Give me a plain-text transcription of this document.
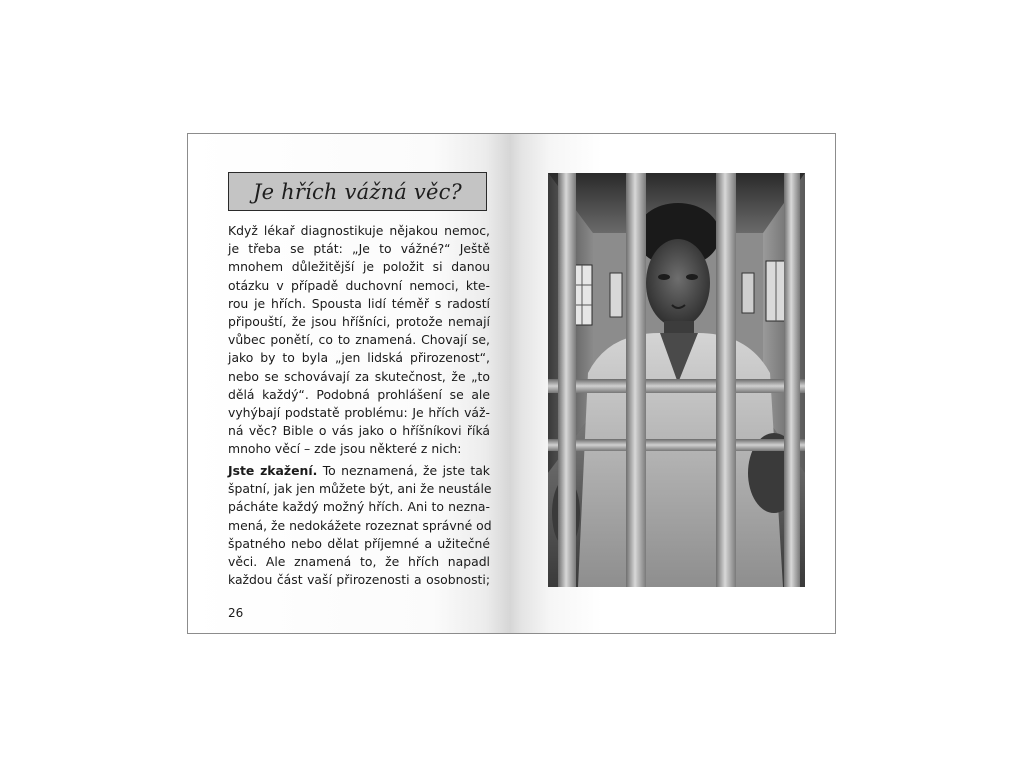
Je hřích vážná věc?
Když lékař diagnostikuje nějakou nemoc,
je třeba se ptát: „Je to vážné?“ Ještě
mnohem důležitější je položit si danou
otázku v případě duchovní nemoci, kte-
rou je hřích. Spousta lidí téměř s radostí
připouští, že jsou hříšníci, protože nemají
vůbec ponětí, co to znamená. Chovají se,
jako by to byla „jen lidská přirozenost“,
nebo se schovávají za skutečnost, že „to
dělá každý“. Podobná prohlášení se ale
vyhýbají podstatě problému: Je hřích váž-
ná věc? Bible o vás jako o hříšníkovi říká
mnoho věcí – zde jsou některé z nich:
Jste zkažení. To neznamená, že jste tak
špatní, jak jen můžete být, ani že neustále
pácháte každý možný hřích. Ani to nezna-
mená, že nedokážete rozeznat správné od
špatného nebo dělat příjemné a užitečné
věci. Ale znamená to, že hřích napadl
každou část vaší přirozenosti a osobnosti;
26
